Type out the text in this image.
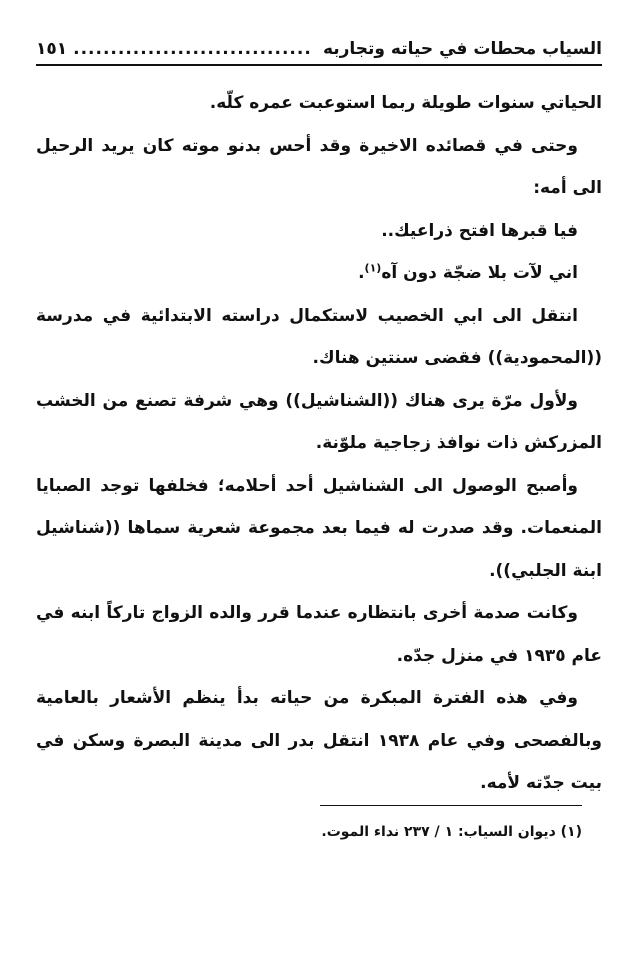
السياب محطات في حياته وتجاربه
................................
١٥١

الحياتي سنوات طويلة ربما استوعبت عمره كلّه.

وحتى في قصائده الاخيرة وقد أحس بدنو موته كان يريد الرحيل الى أمه:

فيا قبرها افتح ذراعيك..

اني لآت بلا ضجّة دون آه$^{(١)}$.

انتقل الى ابي الخصيب لاستكمال دراسته الابتدائية في مدرسة ((المحمودية)) فقضى سنتين هناك.

ولأول مرّة يرى هناك ((الشناشيل)) وهي شرفة تصنع من الخشب المزركش ذات نوافذ زجاجية ملوّنة.

وأصبح الوصول الى الشناشيل أحد أحلامه؛ فخلفها توجد الصبايا المنعمات. وقد صدرت له فيما بعد مجموعة شعرية سماها ((شناشيل ابنة الجلبي)).

وكانت صدمة أخرى بانتظاره عندما قرر والده الزواج تاركاً ابنه في عام ١٩٣٥ في منزل جدّه.

وفي هذه الفترة المبكرة من حياته بدأ ينظم الأشعار بالعامية وبالفصحى وفي عام ١٩٣٨ انتقل بدر الى مدينة البصرة وسكن في بيت جدّته لأمه.

(١) ديوان السياب: ١ / ٢٣٧ نداء الموت.
